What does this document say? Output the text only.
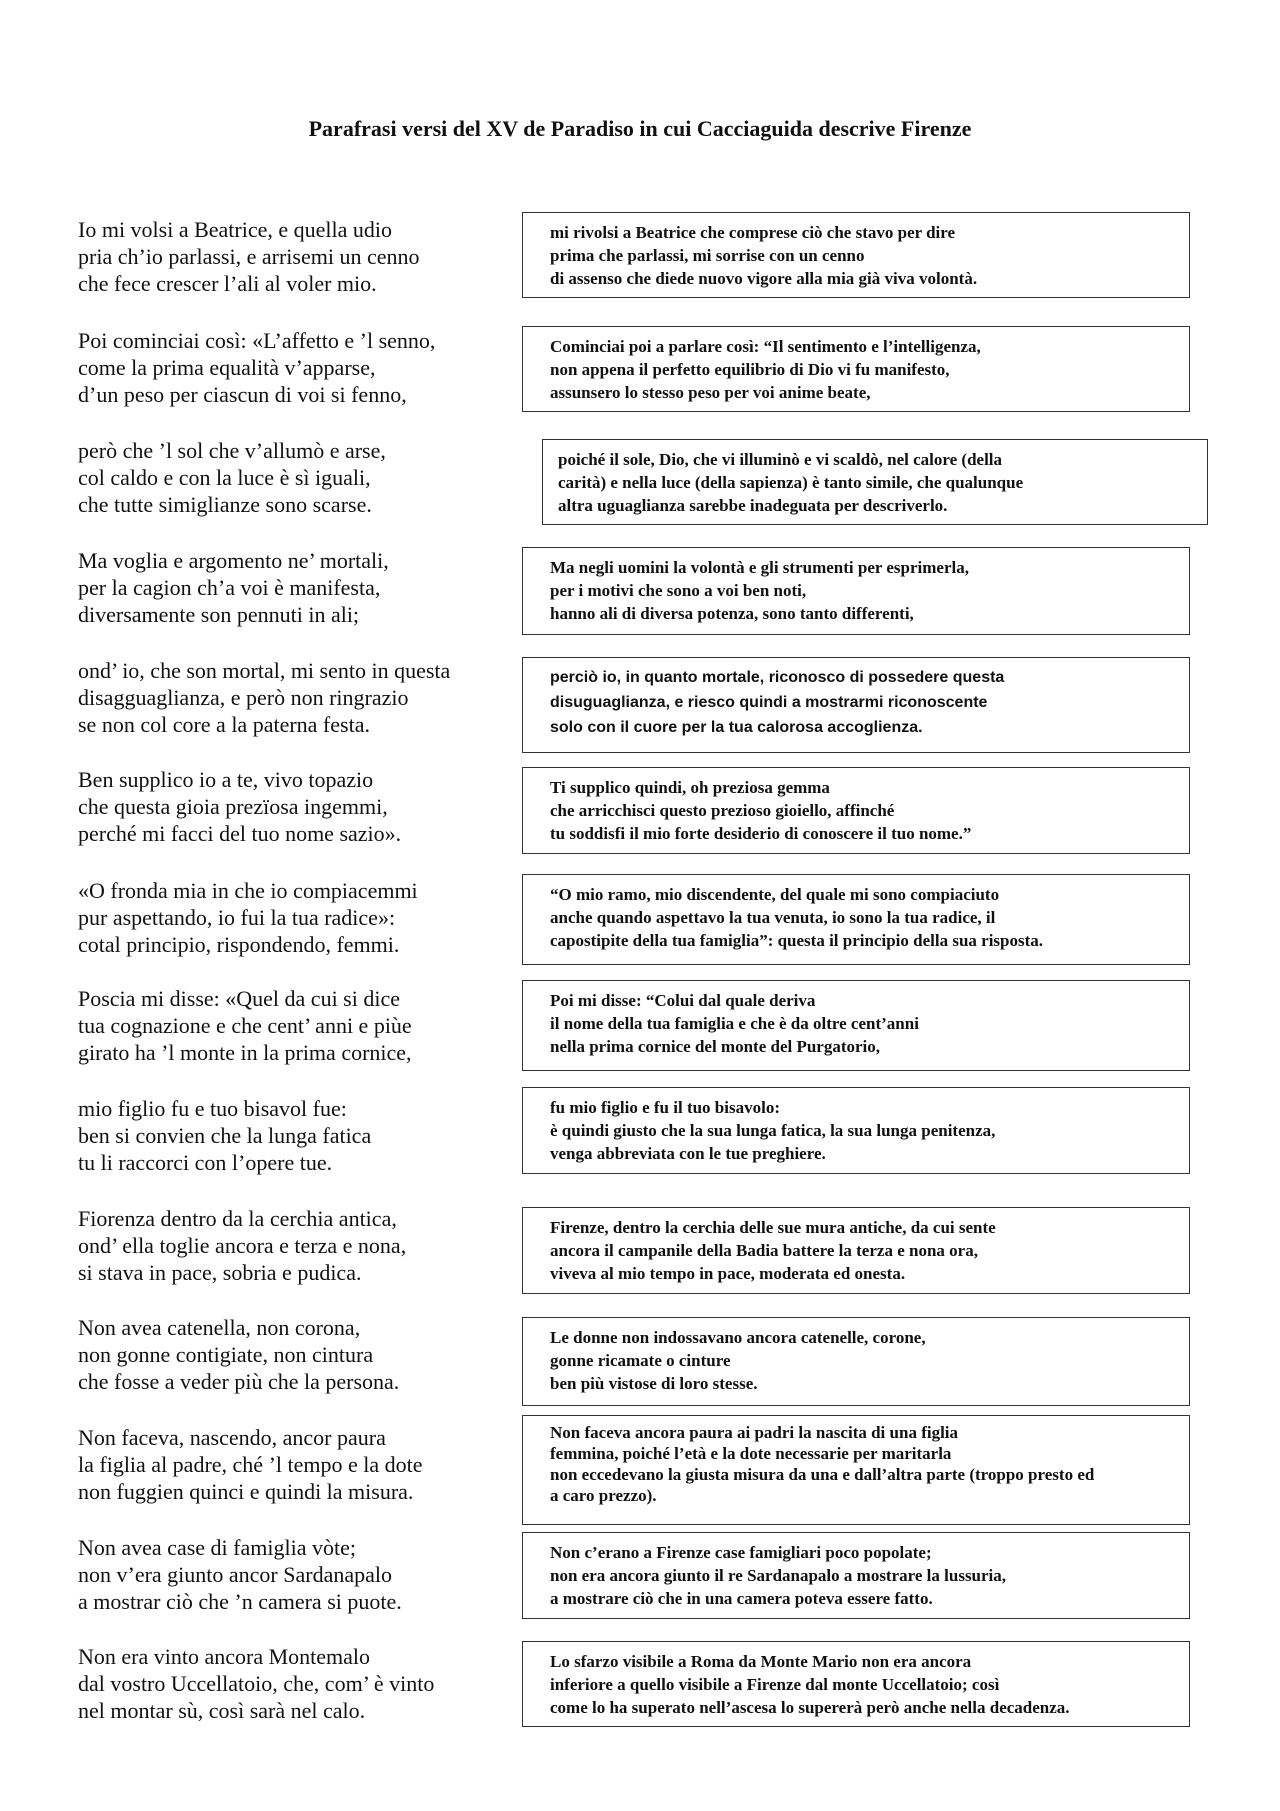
Parafrasi versi del XV de Paradiso in cui Cacciaguida descrive Firenze
Io mi volsi a Beatrice, e quella udio
pria ch’io parlassi, e arrisemi un cenno
che fece crescer l’ali al voler mio.
mi rivolsi a Beatrice che comprese ciò che stavo per dire
prima che parlassi, mi sorrise con un cenno
di assenso che diede nuovo vigore alla mia già viva volontà.
Poi cominciai così: «L’affetto e ’l senno,
come la prima equalità v’apparse,
d’un peso per ciascun di voi si fenno,
Cominciai poi a parlare così: “Il sentimento e l’intelligenza,
non appena il perfetto equilibrio di Dio vi fu manifesto,
assunsero lo stesso peso per voi anime beate,
però che ’l sol che v’allumò e arse,
col caldo e con la luce è sì iguali,
che tutte simiglianze sono scarse.
poiché il sole, Dio, che vi illuminò e vi scaldò, nel calore (della
carità) e nella luce (della sapienza) è tanto simile, che qualunque
altra uguaglianza sarebbe inadeguata per descriverlo.
Ma voglia e argomento ne’ mortali,
per la cagion ch’a voi è manifesta,
diversamente son pennuti in ali;
Ma negli uomini la volontà e gli strumenti per esprimerla,
per i motivi che sono a voi ben noti,
hanno ali di diversa potenza, sono tanto differenti,
ond’ io, che son mortal, mi sento in questa
disagguaglianza, e però non ringrazio
se non col core a la paterna festa.
perciò io, in quanto mortale, riconosco di possedere questa
disuguaglianza, e riesco quindi a mostrarmi riconoscente
solo con il cuore per la tua calorosa accoglienza.
Ben supplico io a te, vivo topazio
che questa gioia prezïosa ingemmi,
perché mi facci del tuo nome sazio».
Ti supplico quindi, oh preziosa gemma
che arricchisci questo prezioso gioiello, affinché
tu soddisfi il mio forte desiderio di conoscere il tuo nome.”
«O fronda mia in che io compiacemmi
pur aspettando, io fui la tua radice»:
cotal principio, rispondendo, femmi.
“O mio ramo, mio discendente, del quale mi sono compiaciuto
anche quando aspettavo la tua venuta, io sono la tua radice, il
capostipite della tua famiglia”: questa il principio della sua risposta.
Poscia mi disse: «Quel da cui si dice
tua cognazione e che cent’ anni e piùe
girato ha ’l monte in la prima cornice,
Poi mi disse: “Colui dal quale deriva
il nome della tua famiglia e che è da oltre cent’anni
nella prima cornice del monte del Purgatorio,
mio figlio fu e tuo bisavol fue:
ben si convien che la lunga fatica
tu li raccorci con l’opere tue.
fu mio figlio e fu il tuo bisavolo:
è quindi giusto che la sua lunga fatica, la sua lunga penitenza,
venga abbreviata con le tue preghiere.
Fiorenza dentro da la cerchia antica,
ond’ ella toglie ancora e terza e nona,
si stava in pace, sobria e pudica.
Firenze, dentro la cerchia delle sue mura antiche, da cui sente
ancora il campanile della Badia battere la terza e nona ora,
viveva al mio tempo in pace, moderata ed onesta.
Non avea catenella, non corona,
non gonne contigiate, non cintura
che fosse a veder più che la persona.
Le donne non indossavano ancora catenelle, corone,
gonne ricamate o cinture
ben più vistose di loro stesse.
Non faceva, nascendo, ancor paura
la figlia al padre, ché ’l tempo e la dote
non fuggien quinci e quindi la misura.
Non faceva ancora paura ai padri la nascita di una figlia
femmina, poiché l’età e la dote necessarie per maritarla
non eccedevano la giusta misura da una e dall’altra parte (troppo presto ed
a caro prezzo).
Non avea case di famiglia vòte;
non v’era giunto ancor Sardanapalo
a mostrar ciò che ’n camera si puote.
Non c’erano a Firenze case famigliari poco popolate;
non era ancora giunto il re Sardanapalo a mostrare la lussuria,
a mostrare ciò che in una camera poteva essere fatto.
Non era vinto ancora Montemalo
dal vostro Uccellatoio, che, com’ è vinto
nel montar sù, così sarà nel calo.
Lo sfarzo visibile a Roma da Monte Mario non era ancora
inferiore a quello visibile a Firenze dal monte Uccellatoio; così
come lo ha superato nell’ascesa lo supererà però anche nella decadenza.
